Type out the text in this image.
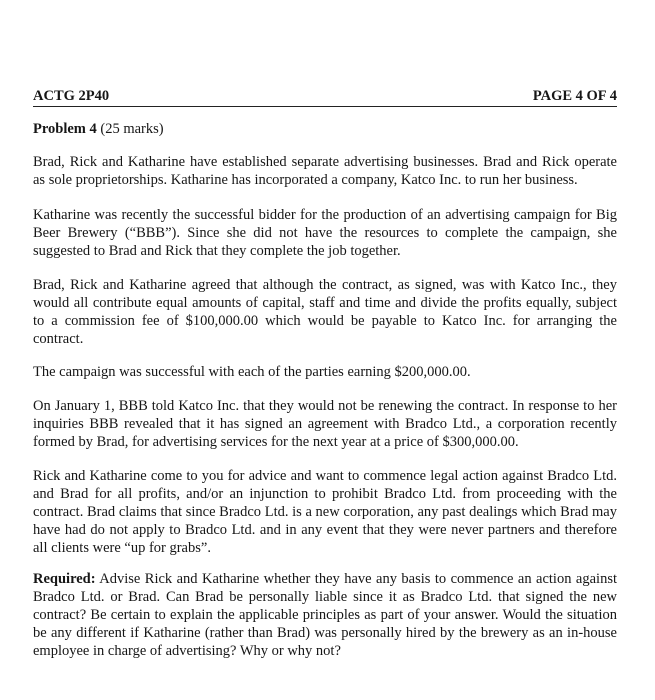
ACTG 2P40	PAGE 4 OF 4
Problem 4 (25 marks)

Brad, Rick and Katharine have established separate advertising businesses. Brad and Rick operate as sole proprietorships. Katharine has incorporated a company, Katco Inc. to run her business.

Katharine was recently the successful bidder for the production of an advertising campaign for Big Beer Brewery (“BBB”). Since she did not have the resources to complete the campaign, she suggested to Brad and Rick that they complete the job together.

Brad, Rick and Katharine agreed that although the contract, as signed, was with Katco Inc., they would all contribute equal amounts of capital, staff and time and divide the profits equally, subject to a commission fee of $100,000.00 which would be payable to Katco Inc. for arranging the contract.

The campaign was successful with each of the parties earning $200,000.00.

On January 1, BBB told Katco Inc. that they would not be renewing the contract. In response to her inquiries BBB revealed that it has signed an agreement with Bradco Ltd., a corporation recently formed by Brad, for advertising services for the next year at a price of $300,000.00.

Rick and Katharine come to you for advice and want to commence legal action against Bradco Ltd. and Brad for all profits, and/or an injunction to prohibit Bradco Ltd. from proceeding with the contract. Brad claims that since Bradco Ltd. is a new corporation, any past dealings which Brad may have had do not apply to Bradco Ltd. and in any event that they were never partners and therefore all clients were “up for grabs”.

Required: Advise Rick and Katharine whether they have any basis to commence an action against Bradco Ltd. or Brad. Can Brad be personally liable since it as Bradco Ltd. that signed the new contract? Be certain to explain the applicable principles as part of your answer. Would the situation be any different if Katharine (rather than Brad) was personally hired by the brewery as an in-house employee in charge of advertising? Why or why not?
